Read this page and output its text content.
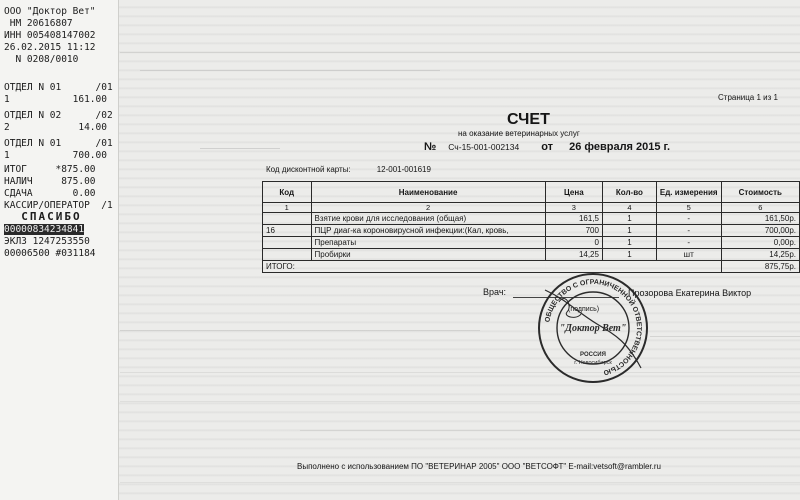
ООО "Доктор Вет"
НМ 20616807
ИНН 005408147002
26.02.2015 11:12
N 0208/0010
ОТДЕЛ N 01      /01
1           161.00
ОТДЕЛ N 02      /02
2            14.00
ОТДЕЛ N 01      /01
1           700.00
ИТОГ     *875.00
НАЛИЧ     875.00
СДАЧА       0.00
КАССИР/ОПЕРАТОР  /1
СПАСИБО
00000834234841
ЭКЛЗ 1247253550
00006500 #031184
Страница 1 из 1
СЧЕТ
на оказание ветеринарных услуг
№ Сч-15-001-002134 от 26 февраля 2015 г.
Код дисконтной карты:	12-001-001619
Код	Наименование	Цена	Кол-во	Ед. измерения	Стоимость
1	2	3	4	5	6
	Взятие крови для исследования (общая)	161,5	1	-	161,50р.
16	ПЦР диаг-ка короновирусной инфекции:(Кал, кровь,	700	1	-	700,00р.
	Препараты	0	1	-	0,00р.
	Пробирки	14,25	1	шт	14,25р.
ИТОГО:					875,75р.
Врач:
(подпись)
Прозорова Екатерина Виктор
ОБЩЕСТВО С ОГРАНИЧЕННОЙ ОТВЕТСТВЕННОСТЬЮ
"Доктор Вет"
РОССИЯ
г. Новосибирск
Выполнено с использованием ПО "ВЕТЕРИНАР 2005" ООО "ВЕТСОФТ" E-mail:vetsoft@rambler.ru
